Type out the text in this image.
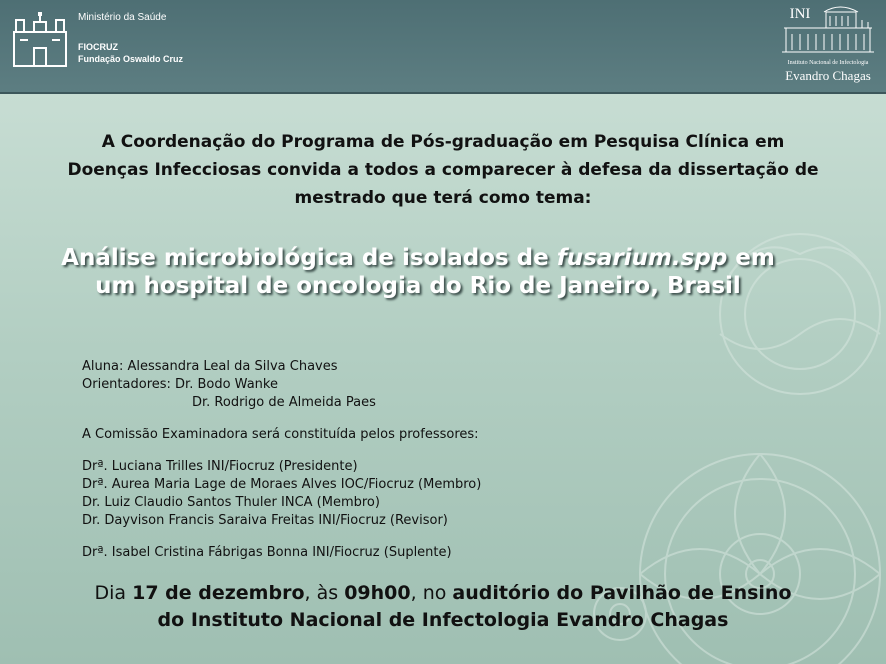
Ministério da Saúde
FIOCRUZ
Fundação Oswaldo Cruz
INI
Instituto Nacional de Infectologia
Evandro Chagas
A Coordenação do Programa de Pós-graduação em Pesquisa Clínica em
Doenças Infecciosas convida a todos a comparecer à defesa da dissertação de
mestrado que terá como tema:
Análise microbiológica de isolados de fusarium.spp em
um hospital de oncologia do Rio de Janeiro, Brasil
Aluna: Alessandra Leal da Silva Chaves
Orientadores: Dr. Bodo Wanke
Dr. Rodrigo de Almeida Paes
A Comissão Examinadora será constituída pelos professores:
Drª. Luciana Trilles INI/Fiocruz (Presidente)
Drª. Aurea Maria Lage de Moraes Alves IOC/Fiocruz (Membro)
Dr. Luiz Claudio Santos Thuler INCA (Membro)
Dr. Dayvison Francis Saraiva Freitas INI/Fiocruz (Revisor)
Drª. Isabel Cristina Fábrigas Bonna INI/Fiocruz (Suplente)
Dia 17 de dezembro, às 09h00, no auditório do Pavilhão de Ensino
do Instituto Nacional de Infectologia Evandro Chagas
